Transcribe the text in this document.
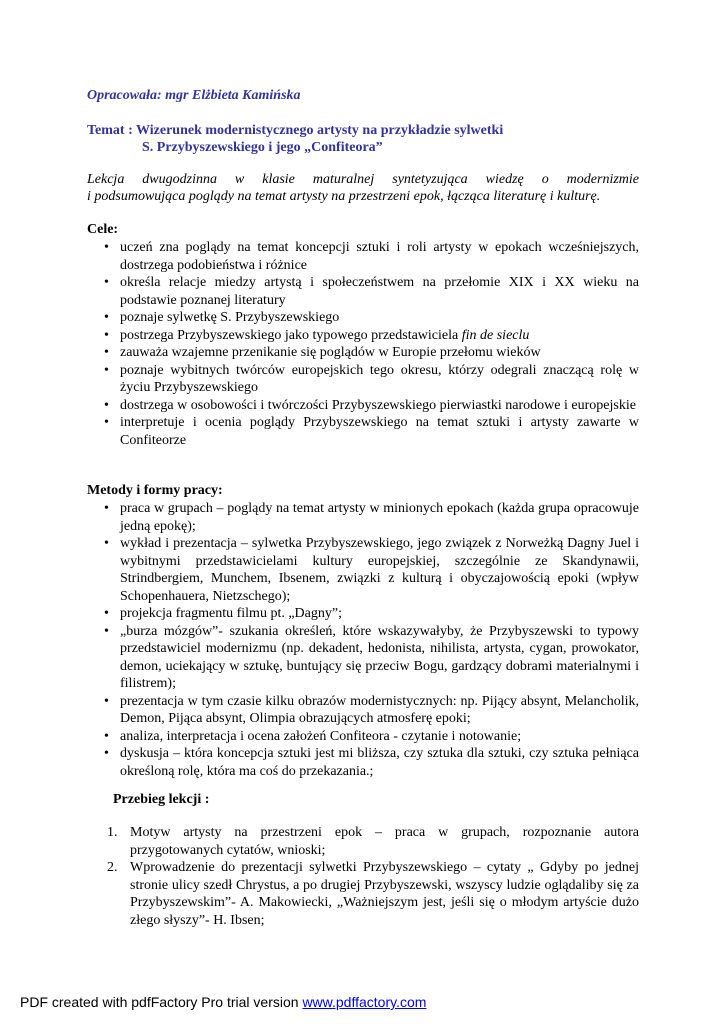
Opracowała: mgr Elżbieta Kamińska
Temat : Wizerunek modernistycznego artysty na przykładzie sylwetki
S. Przybyszewskiego i jego „Confiteora”
Lekcja dwugodzinna w klasie maturalnej syntetyzująca wiedzę o modernizmie
i podsumowująca poglądy na temat artysty na przestrzeni epok, łącząca literaturę i kulturę.
Cele:
• uczeń zna poglądy na temat koncepcji sztuki i roli artysty w epokach wcześniejszych, dostrzega podobieństwa i różnice
• określa relacje miedzy artystą i społeczeństwem na przełomie XIX i XX wieku na podstawie poznanej literatury
• poznaje sylwetkę S. Przybyszewskiego
• postrzega Przybyszewskiego jako typowego przedstawiciela fin de sieclu
• zauważa wzajemne przenikanie się poglądów w Europie przełomu wieków
• poznaje wybitnych twórców europejskich tego okresu, którzy odegrali znaczącą rolę w życiu Przybyszewskiego
• dostrzega w osobowości i twórczości Przybyszewskiego pierwiastki narodowe i europejskie
• interpretuje i ocenia poglądy Przybyszewskiego na temat sztuki i artysty zawarte w Confiteorze
Metody i formy pracy:
• praca w grupach – poglądy na temat artysty w minionych epokach (każda grupa opracowuje jedną epokę);
• wykład i prezentacja – sylwetka Przybyszewskiego, jego związek z Norweżką Dagny Juel i wybitnymi przedstawicielami kultury europejskiej, szczególnie ze Skandynawii, Strindbergiem, Munchem, Ibsenem, związki z kulturą i obyczajowością epoki (wpływ Schopenhauera, Nietzschego);
• projekcja fragmentu filmu pt. „Dagny”;
• „burza mózgów”- szukania określeń, które wskazywałyby, że Przybyszewski to typowy przedstawiciel modernizmu (np. dekadent, hedonista, nihilista, artysta, cygan, prowokator, demon, uciekający w sztukę, buntujący się przeciw Bogu, gardzący dobrami materialnymi i filistrem);
• prezentacja w tym czasie kilku obrazów modernistycznych: np. Pijący absynt, Melancholik, Demon, Pijąca absynt, Olimpia obrazujących atmosferę epoki;
• analiza, interpretacja i ocena założeń Confiteora - czytanie i notowanie;
• dyskusja – która koncepcja sztuki jest mi bliższa, czy sztuka dla sztuki, czy sztuka pełniąca określoną rolę, która ma coś do przekazania.;
Przebieg lekcji :
1. Motyw artysty na przestrzeni epok – praca w grupach, rozpoznanie autora przygotowanych cytatów, wnioski;
2. Wprowadzenie do prezentacji sylwetki Przybyszewskiego – cytaty „ Gdyby po jednej stronie ulicy szedł Chrystus, a po drugiej Przybyszewski, wszyscy ludzie oglądaliby się za Przybyszewskim”- A. Makowiecki, „Ważniejszym jest, jeśli się o młodym artyście dużo złego słyszy”- H. Ibsen;
PDF created with pdfFactory Pro trial version www.pdffactory.com
